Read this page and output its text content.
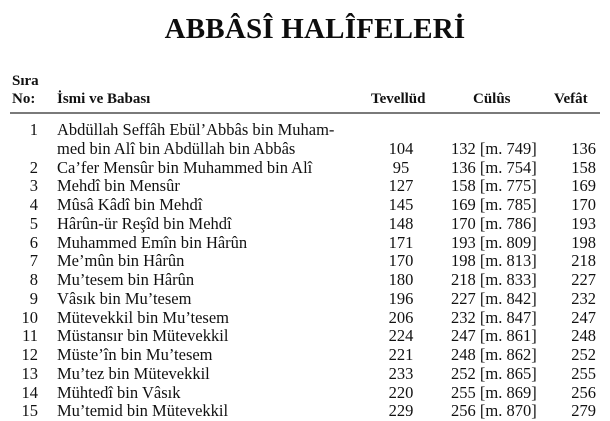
ABBÂSÎ HALÎFELERİ
Sıra
No: İsmi ve Babası	Tevellüd	Cülûs	Vefât
1 Abdüllah Seffâh Ebül’Abbâs bin Muham-
med bin Alî bin Abdüllah bin Abbâs	104	132 [m. 749]	136
2 Ca’fer Mensûr bin Muhammed bin Alî	95	136 [m. 754]	158
3 Mehdî bin Mensûr	127	158 [m. 775]	169
4 Mûsâ Kâdî bin Mehdî	145	169 [m. 785]	170
5 Hârûn-ür Reşîd bin Mehdî	148	170 [m. 786]	193
6 Muhammed Emîn bin Hârûn	171	193 [m. 809]	198
7 Me’mûn bin Hârûn	170	198 [m. 813]	218
8 Mu’tesem bin Hârûn	180	218 [m. 833]	227
9 Vâsık bin Mu’tesem	196	227 [m. 842]	232
10 Mütevekkil bin Mu’tesem	206	232 [m. 847]	247
11 Müstansır bin Mütevekkil	224	247 [m. 861]	248
12 Müste’în bin Mu’tesem	221	248 [m. 862]	252
13 Mu’tez bin Mütevekkil	233	252 [m. 865]	255
14 Mühtedî bin Vâsık	220	255 [m. 869]	256
15 Mu’temid bin Mütevekkil	229	256 [m. 870]	279
